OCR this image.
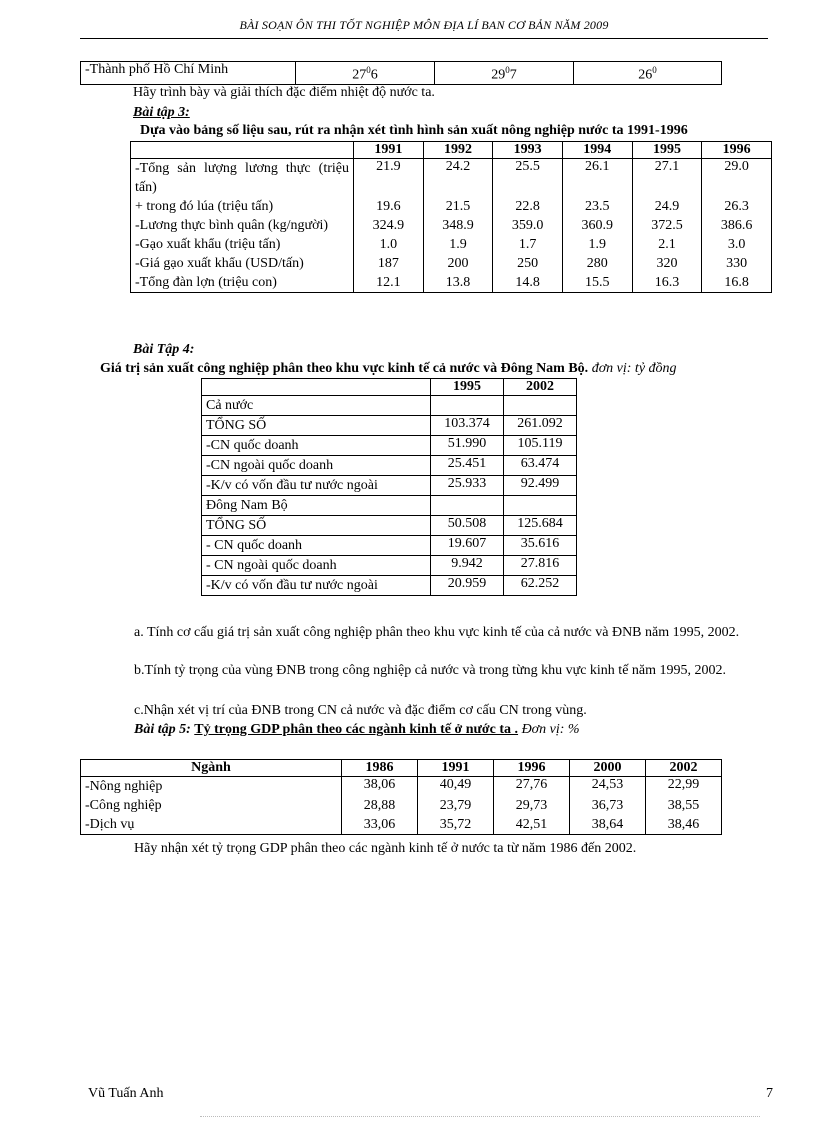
BÀI SOẠN ÔN THI TỐT NGHIỆP MÔN ĐỊA LÍ BAN CƠ BẢN NĂM 2009
-Thành phố Hồ Chí Minh	$27^06$	$29^07$	$26^0$
Hãy trình bày và giải thích đặc điểm nhiệt độ nước ta.
Bài tập 3:
Dựa vào bảng số liệu sau, rút ra nhận xét tình hình sản xuất nông nghiệp nước ta 1991-1996
	1991	1992	1993	1994	1995	1996
-Tổng sản lượng lương thực (triệu tấn)	21.9	24.2	25.5	26.1	27.1	29.0
+ trong đó lúa (triệu tấn)	19.6	21.5	22.8	23.5	24.9	26.3
-Lương thực bình quân (kg/người)	324.9	348.9	359.0	360.9	372.5	386.6
-Gạo xuất khẩu (triệu tấn)	1.0	1.9	1.7	1.9	2.1	3.0
-Giá gạo xuất khẩu (USD/tấn)	187	200	250	280	320	330
-Tổng đàn lợn (triệu con)	12.1	13.8	14.8	15.5	16.3	16.8
Bài Tập 4:
Giá trị sản xuất công nghiệp phân theo khu vực kinh tế cả nước và Đông Nam Bộ. đơn vị: tỷ đồng
	1995	2002
Cả nước		
TỔNG SỐ	103.374	261.092
-CN quốc doanh	51.990	105.119
-CN ngoài quốc doanh	25.451	63.474
-K/v có vốn đầu tư nước ngoài	25.933	92.499
Đông Nam Bộ		
TỔNG SỐ	50.508	125.684
- CN quốc doanh	19.607	35.616
- CN ngoài quốc doanh	9.942	27.816
-K/v có vốn đầu tư nước ngoài	20.959	62.252
a. Tính cơ cấu giá trị sản xuất công nghiệp phân theo khu vực kinh tế của cả nước và ĐNB năm 1995, 2002.
b.Tính tỷ trọng của vùng ĐNB trong công nghiệp cả nước và trong từng khu vực kinh tế năm 1995, 2002.
c.Nhận xét vị trí của ĐNB trong CN cả nước và đặc điểm cơ cấu CN trong vùng.
Bài tập 5: Tỷ trọng GDP phân theo các ngành kinh tế ở nước ta . Đơn vị: %
Ngành	1986	1991	1996	2000	2002
-Nông nghiệp	38,06	40,49	27,76	24,53	22,99
-Công nghiệp	28,88	23,79	29,73	36,73	38,55
-Dịch vụ	33,06	35,72	42,51	38,64	38,46
Hãy nhận xét tỷ trọng GDP phân theo các ngành kinh tế ở nước ta từ năm 1986 đến 2002.
Vũ Tuấn Anh	7
